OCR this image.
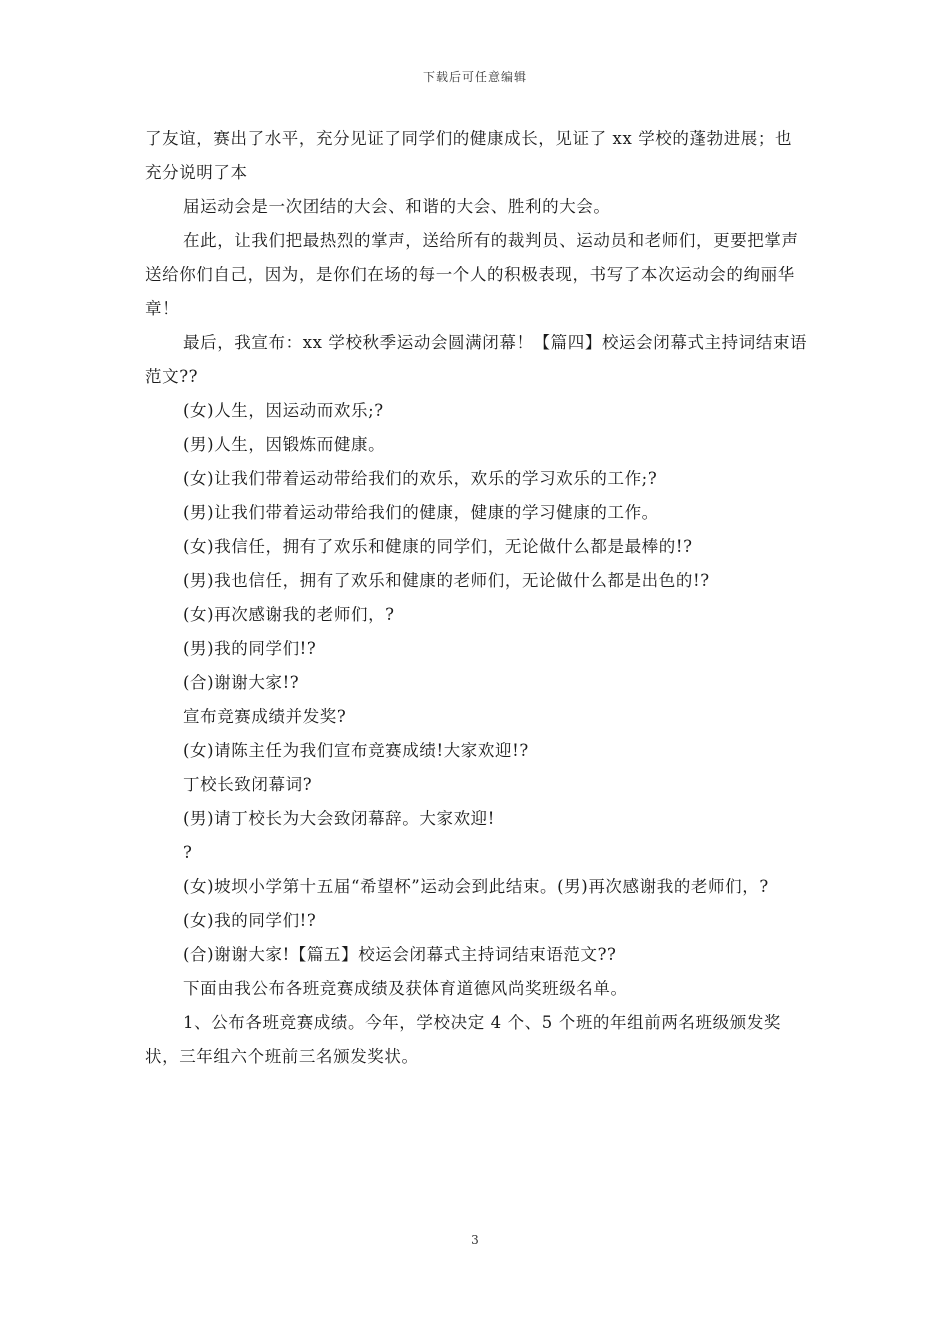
下载后可任意编辑

了友谊，赛出了水平，充分见证了同学们的健康成长，见证了 xx 学校的蓬勃进展；也充分说明了本

届运动会是一次团结的大会、和谐的大会、胜利的大会。

在此，让我们把最热烈的掌声，送给所有的裁判员、运动员和老师们，更要把掌声送给你们自己，因为，是你们在场的每一个人的积极表现，书写了本次运动会的绚丽华章！

最后，我宣布：xx 学校秋季运动会圆满闭幕！【篇四】校运会闭幕式主持词结束语范文??

(女)人生，因运动而欢乐;?

(男)人生，因锻炼而健康。

(女)让我们带着运动带给我们的欢乐，欢乐的学习欢乐的工作;?

(男)让我们带着运动带给我们的健康，健康的学习健康的工作。

(女)我信任，拥有了欢乐和健康的同学们，无论做什么都是最棒的!?

(男)我也信任，拥有了欢乐和健康的老师们，无论做什么都是出色的!?

(女)再次感谢我的老师们，?

(男)我的同学们!?

(合)谢谢大家!?

宣布竞赛成绩并发奖?

(女)请陈主任为我们宣布竞赛成绩!大家欢迎!?

丁校长致闭幕词?

(男)请丁校长为大会致闭幕辞。大家欢迎!

?

(女)坡坝小学第十五届“希望杯”运动会到此结束。(男)再次感谢我的老师们，?

(女)我的同学们!?

(合)谢谢大家!【篇五】校运会闭幕式主持词结束语范文??

下面由我公布各班竞赛成绩及获体育道德风尚奖班级名单。

1、公布各班竞赛成绩。今年，学校决定 4 个、5 个班的年组前两名班级颁发奖状，三年组六个班前三名颁发奖状。

3
